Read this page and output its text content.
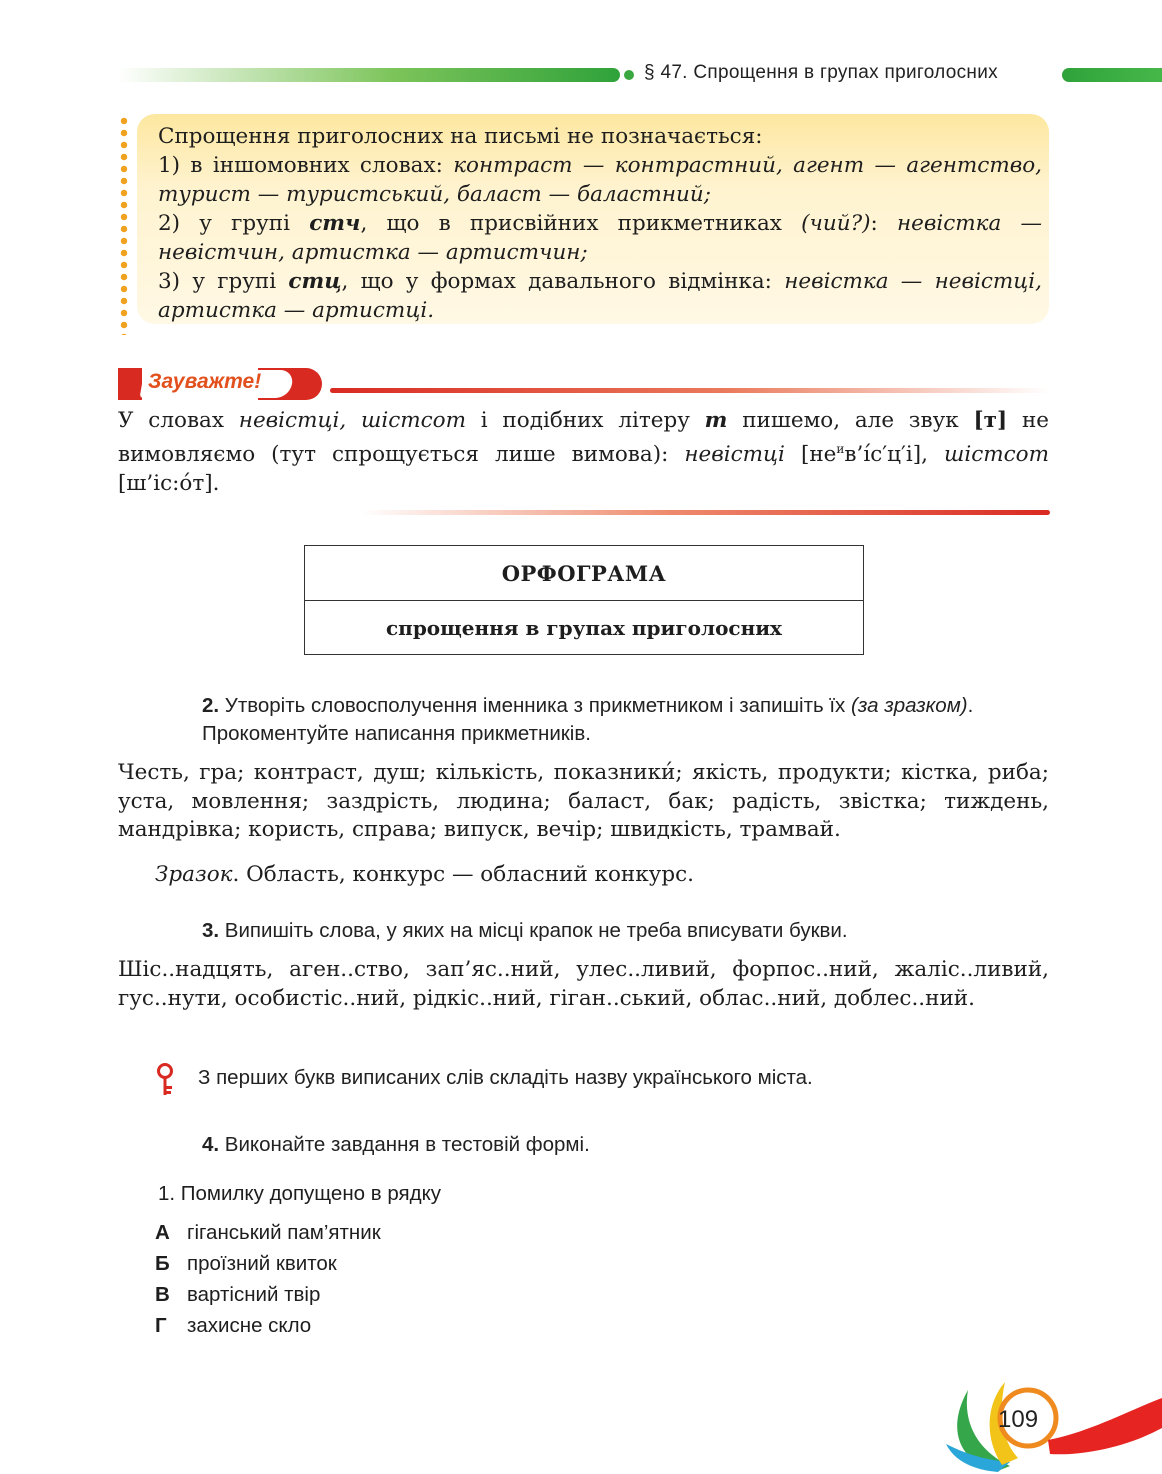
§ 47. Спрощення в групах приголосних

Спрощення приголосних на письмі не позначається:

1) в іншомовних словах: контраст — контрастний, агент — агентство, турист — туристський, баласт — баластний;

2) у групі стч, що в присвійних прикметниках (чий?): невістка — невістчин, артистка — артистчин;

3) у групі стц, що у формах давального відмінка: невістка — невістці, артистка — артистці.

Зауважте!
У словах невістці, шістсот і подібних літеру т пишемо, але звук [т] не вимовляємо (тут спрощується лише вимова): невістці $[не^ив’і́с'ц'і]$, шістсот [ш’іс:о́т].
ОРФОГРАМА
спрощення в групах приголосних
2. Утворіть словосполучення іменника з прикметником і запишіть їх (за зразком). Прокоментуйте написання прикметників.
Честь, гра; контраст, душ; кількість, показники́; якість, продукти; кістка, риба; уста, мовлення; заздрість, людина; баласт, бак; радість, звістка; тиждень, мандрівка; користь, справа; випуск, вечір; швидкість, трамвай.
Зразок. Область, конкурс — обласний конкурс.
3. Випишіть слова, у яких на місці крапок не треба вписувати букви.
Шіс..надцять, аген..ство, зап’яс..ний, улес..ливий, форпос..ний, жаліс..ливий, гус..нути, особистіс..ний, рідкіс..ний, гіган..ський, облас..ний, доблес..ний.
З перших букв виписаних слів складіть назву українського міста.
4. Виконайте завдання в тестовій формі.
1. Помилку допущено в рядку
А гіганський пам’ятник
Б проїзний квиток
В вартісний твір
Г захисне скло
109
